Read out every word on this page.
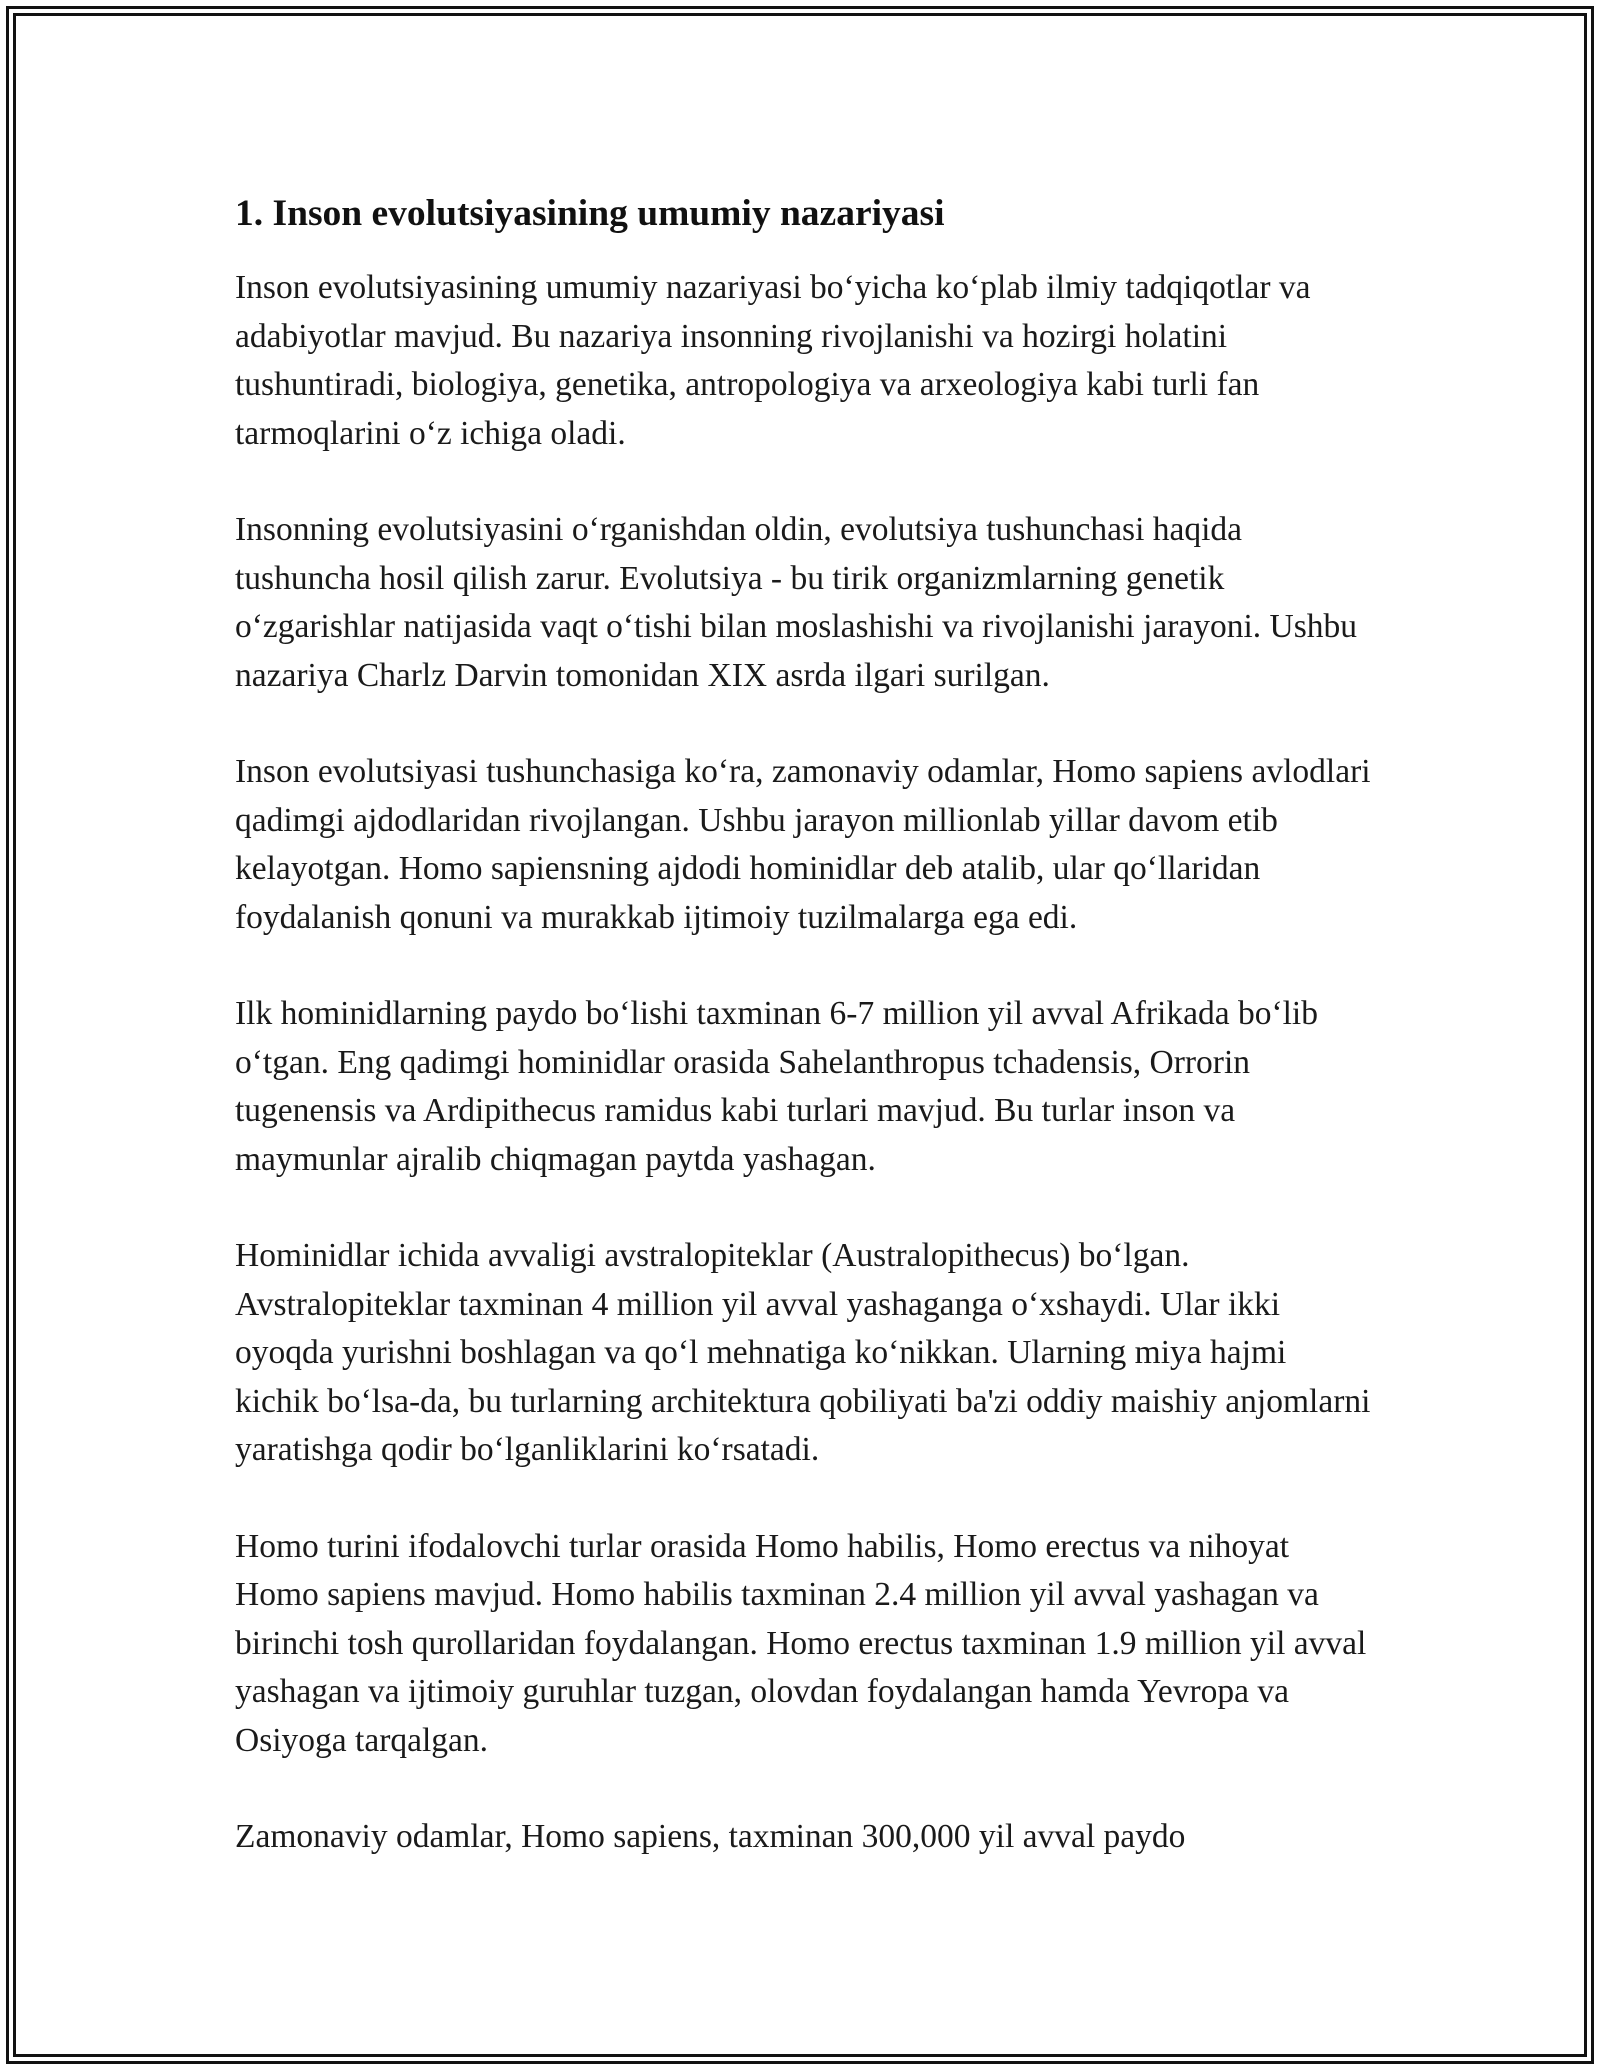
1. Inson evolutsiyasining umumiy nazariyasi

Inson evolutsiyasining umumiy nazariyasi bo‘yicha ko‘plab ilmiy tadqiqotlar va adabiyotlar mavjud. Bu nazariya insonning rivojlanishi va hozirgi holatini tushuntiradi, biologiya, genetika, antropologiya va arxeologiya kabi turli fan tarmoqlarini o‘z ichiga oladi.

Insonning evolutsiyasini o‘rganishdan oldin, evolutsiya tushunchasi haqida tushuncha hosil qilish zarur. Evolutsiya - bu tirik organizmlarning genetik o‘zgarishlar natijasida vaqt o‘tishi bilan moslashishi va rivojlanishi jarayoni. Ushbu nazariya Charlz Darvin tomonidan XIX asrda ilgari surilgan.

Inson evolutsiyasi tushunchasiga ko‘ra, zamonaviy odamlar, Homo sapiens avlodlari qadimgi ajdodlaridan rivojlangan. Ushbu jarayon millionlab yillar davom etib kelayotgan. Homo sapiensning ajdodi hominidlar deb atalib, ular qo‘llaridan foydalanish qonuni va murakkab ijtimoiy tuzilmalarga ega edi.

Ilk hominidlarning paydo bo‘lishi taxminan 6-7 million yil avval Afrikada bo‘lib o‘tgan. Eng qadimgi hominidlar orasida Sahelanthropus tchadensis, Orrorin tugenensis va Ardipithecus ramidus kabi turlari mavjud. Bu turlar inson va maymunlar ajralib chiqmagan paytda yashagan.

Hominidlar ichida avvaligi avstralopiteklar (Australopithecus) bo‘lgan. Avstralopiteklar taxminan 4 million yil avval yashaganga o‘xshaydi. Ular ikki oyoqda yurishni boshlagan va qo‘l mehnatiga ko‘nikkan. Ularning miya hajmi kichik bo‘lsa-da, bu turlarning architektura qobiliyati ba'zi oddiy maishiy anjomlarni yaratishga qodir bo‘lganliklarini ko‘rsatadi.

Homo turini ifodalovchi turlar orasida Homo habilis, Homo erectus va nihoyat Homo sapiens mavjud. Homo habilis taxminan 2.4 million yil avval yashagan va birinchi tosh qurollaridan foydalangan. Homo erectus taxminan 1.9 million yil avval yashagan va ijtimoiy guruhlar tuzgan, olovdan foydalangan hamda Yevropa va Osiyoga tarqalgan.

Zamonaviy odamlar, Homo sapiens, taxminan 300,000 yil avval paydo
